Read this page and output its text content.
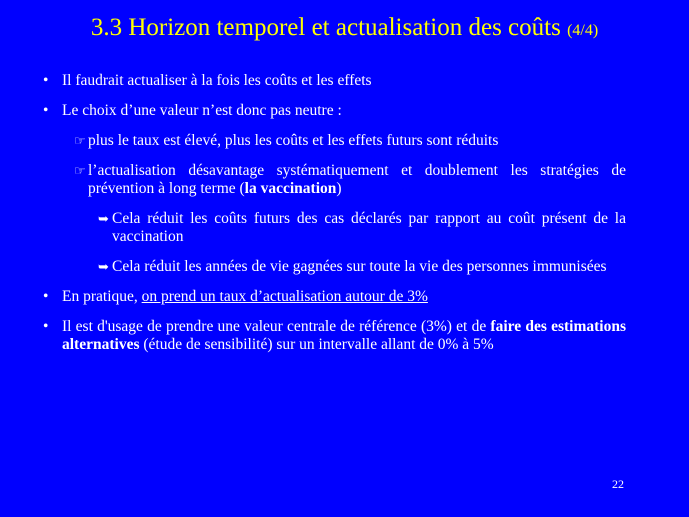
3.3 Horizon temporel et actualisation des coûts (4/4)
• Il faudrait actualiser à la fois les coûts et les effets
• Le choix d’une valeur n’est donc pas neutre :
☞ plus le taux est élevé, plus les coûts et les effets futurs sont réduits
☞ l’actualisation désavantage systématiquement et doublement les stratégies de prévention à long terme (la vaccination)
➥ Cela réduit les coûts futurs des cas déclarés par rapport au coût présent de la vaccination
➥ Cela réduit les années de vie gagnées sur toute la vie des personnes immunisées
• En pratique, on prend un taux d’actualisation autour de 3%
• Il est d'usage de prendre une valeur centrale de référence (3%) et de faire des estimations alternatives (étude de sensibilité) sur un intervalle allant de 0% à 5%
22
